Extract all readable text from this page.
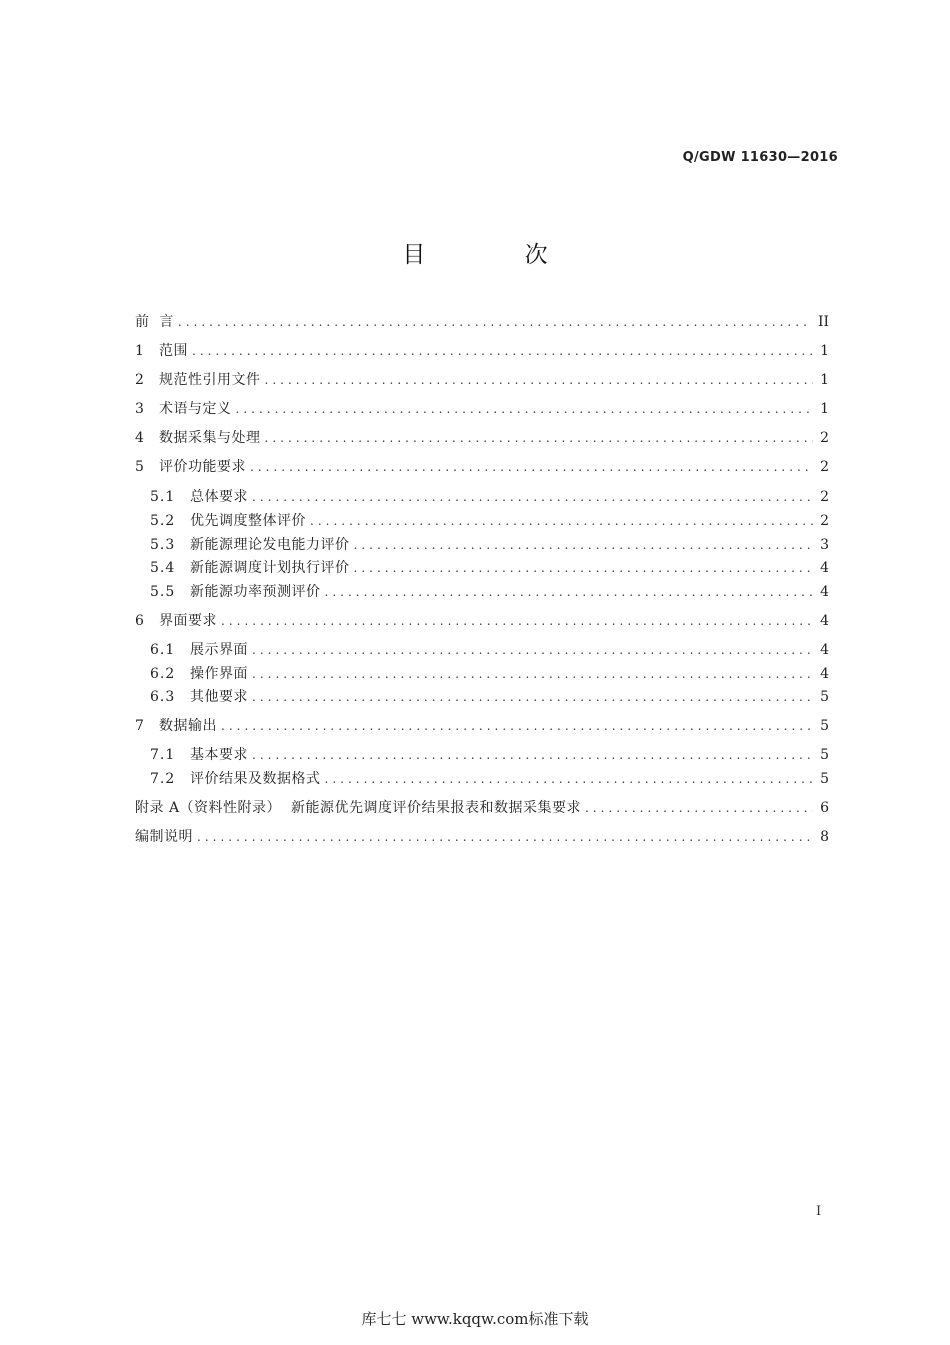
Q/GDW 11630—2016
目 次
前  言 .....	II
1	范围 .....	1
2	规范性引用文件 .....	1
3	术语与定义 .....	1
4	数据采集与处理 .....	2
5	评价功能要求 .....	2
5.1	总体要求 .....	2
5.2	优先调度整体评价 .....	2
5.3	新能源理论发电能力评价 .....	3
5.4	新能源调度计划执行评价 .....	4
5.5	新能源功率预测评价 .....	4
6	界面要求 .....	4
6.1	展示界面 .....	4
6.2	操作界面 .....	4
6.3	其他要求 .....	5
7	数据输出 .....	5
7.1	基本要求 .....	5
7.2	评价结果及数据格式 .....	5
附录 A（资料性附录）  新能源优先调度评价结果报表和数据采集要求 .....	6
编制说明 .....	8
I
库七七 www.kqqw.com标准下载
